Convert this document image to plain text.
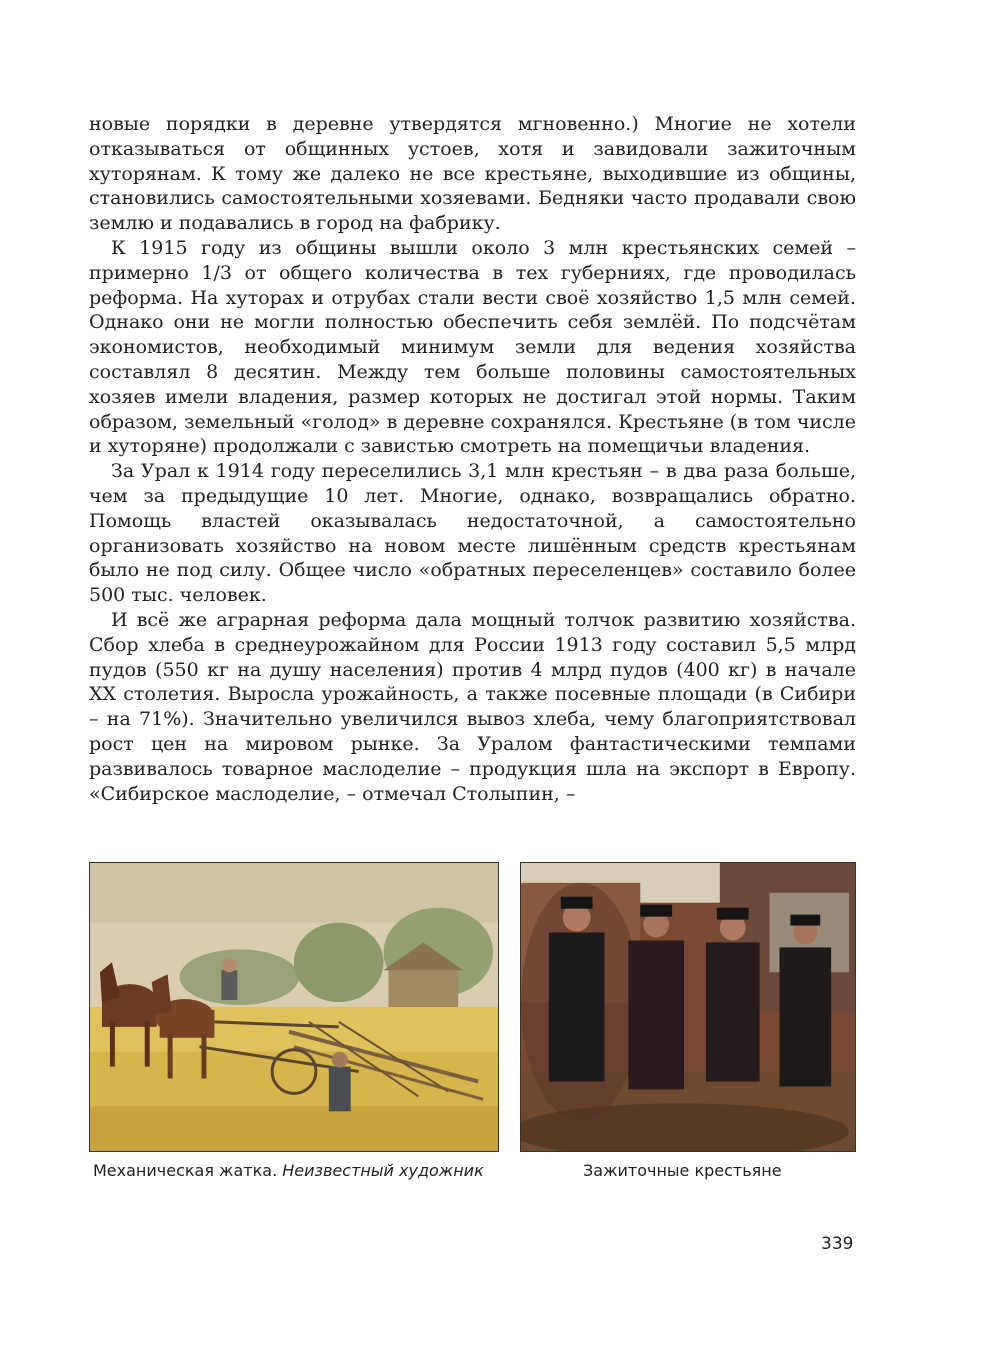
новые порядки в деревне утвердятся мгновенно.) Многие не хотели отказываться от общинных устоев, хотя и завидовали зажиточным хуторянам. К тому же далеко не все крестьяне, выходившие из общины, становились самостоятельными хозяевами. Бедняки часто продавали свою землю и подавались в город на фабрику.

К 1915 году из общины вышли около 3 млн крестьянских семей – примерно 1/3 от общего количества в тех губерниях, где проводилась реформа. На хуторах и отрубах стали вести своё хозяйство 1,5 млн семей. Однако они не могли полностью обеспечить себя землёй. По подсчётам экономистов, необходимый минимум земли для ведения хозяйства составлял 8 десятин. Между тем больше половины самостоятельных хозяев имели владения, размер которых не достигал этой нормы. Таким образом, земельный «голод» в деревне сохранялся. Крестьяне (в том числе и хуторяне) продолжали с завистью смотреть на помещичьи владения.

За Урал к 1914 году переселились 3,1 млн крестьян – в два раза больше, чем за предыдущие 10 лет. Многие, однако, возвращались обратно. Помощь властей оказывалась недостаточной, а самостоятельно организовать хозяйство на новом месте лишённым средств крестьянам было не под силу. Общее число «обратных переселенцев» составило более 500 тыс. человек.

И всё же аграрная реформа дала мощный толчок развитию хозяйства. Сбор хлеба в среднеурожайном для России 1913 году составил 5,5 млрд пудов (550 кг на душу населения) против 4 млрд пудов (400 кг) в начале XX столетия. Выросла урожайность, а также посевные площади (в Сибири – на 71%). Значительно увеличился вывоз хлеба, чему благоприятствовал рост цен на мировом рынке. За Уралом фантастическими темпами развивалось товарное маслоделие – продукция шла на экспорт в Европу. «Сибирское маслоделие, – отмечал Столыпин, –

Механическая жатка. Неизвестный художник	Зажиточные крестьяне
339
